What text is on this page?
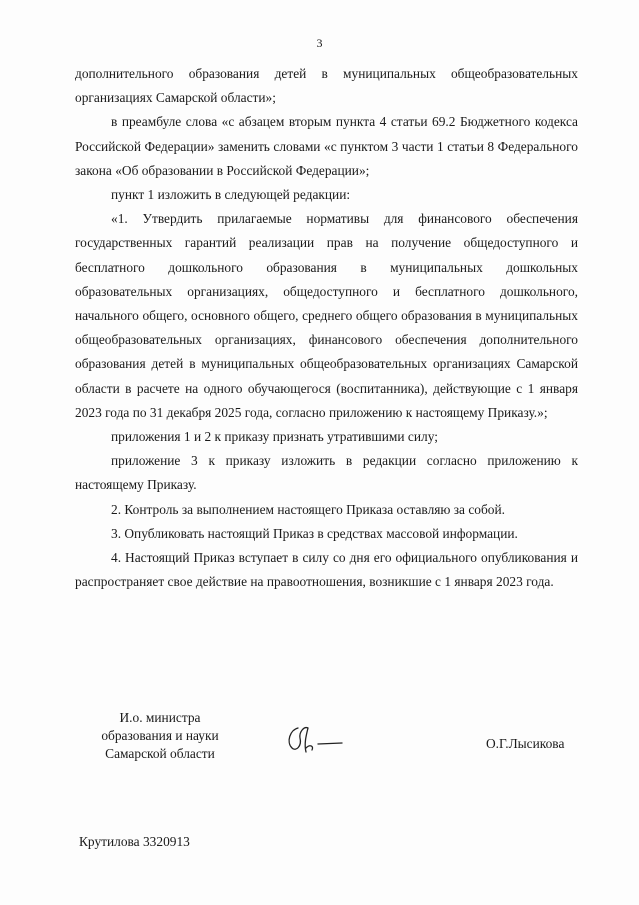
3

дополнительного образования детей в муниципальных общеобразовательных организациях Самарской области»;

в преамбуле слова «с абзацем вторым пункта 4 статьи 69.2 Бюджетного кодекса Российской Федерации» заменить словами «с пунктом 3 части 1 статьи 8 Федерального закона «Об образовании в Российской Федерации»;

пункт 1 изложить в следующей редакции:

«1. Утвердить прилагаемые нормативы для финансового обеспечения государственных гарантий реализации прав на получение общедоступного и бесплатного дошкольного образования в муниципальных дошкольных образовательных организациях, общедоступного и бесплатного дошкольного, начального общего, основного общего, среднего общего образования в муниципальных общеобразовательных организациях, финансового обеспечения дополнительного образования детей в муниципальных общеобразовательных организациях Самарской области в расчете на одного обучающегося (воспитанника), действующие с 1 января 2023 года по 31 декабря 2025 года, согласно приложению к настоящему Приказу.»;

приложения 1 и 2 к приказу признать утратившими силу;

приложение 3 к приказу изложить в редакции согласно приложению к настоящему Приказу.

2. Контроль за выполнением настоящего Приказа оставляю за собой.

3. Опубликовать настоящий Приказ в средствах массовой информации.

4. Настоящий Приказ вступает в силу со дня его официального опубликования и распространяет свое действие на правоотношения, возникшие с 1 января 2023 года.

И.о. министра
образования и науки
Самарской области
О.Г.Лысикова
Крутилова 3320913
